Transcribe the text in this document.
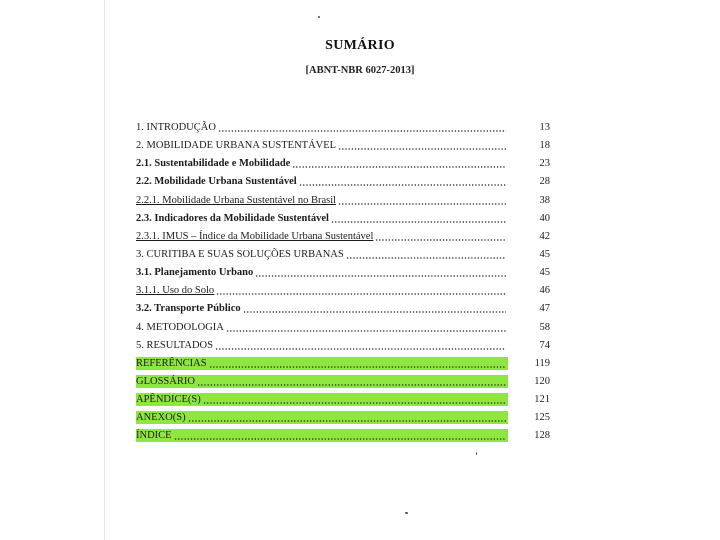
SUMÁRIO
[ABNT-NBR 6027-2013]
1. INTRODUÇÃO	13
2. MOBILIDADE URBANA SUSTENTÁVEL	18
2.1. Sustentabilidade e Mobilidade	23
2.2. Mobilidade Urbana Sustentável	28
2.2.1. Mobilidade Urbana Sustentável no Brasil	38
2.3. Indicadores da Mobilidade Sustentável	40
2.3.1. IMUS – Índice da Mobilidade Urbana Sustentável	42
3. CURITIBA E SUAS SOLUÇÕES URBANAS	45
3.1. Planejamento Urbano	45
3.1.1. Uso do Solo	46
3.2. Transporte Público	47
4. METODOLOGIA	58
5. RESULTADOS	74
REFERÊNCIAS	119
GLOSSÁRIO	120
APÊNDICE(S)	121
ANEXO(S)	125
ÍNDICE	128
